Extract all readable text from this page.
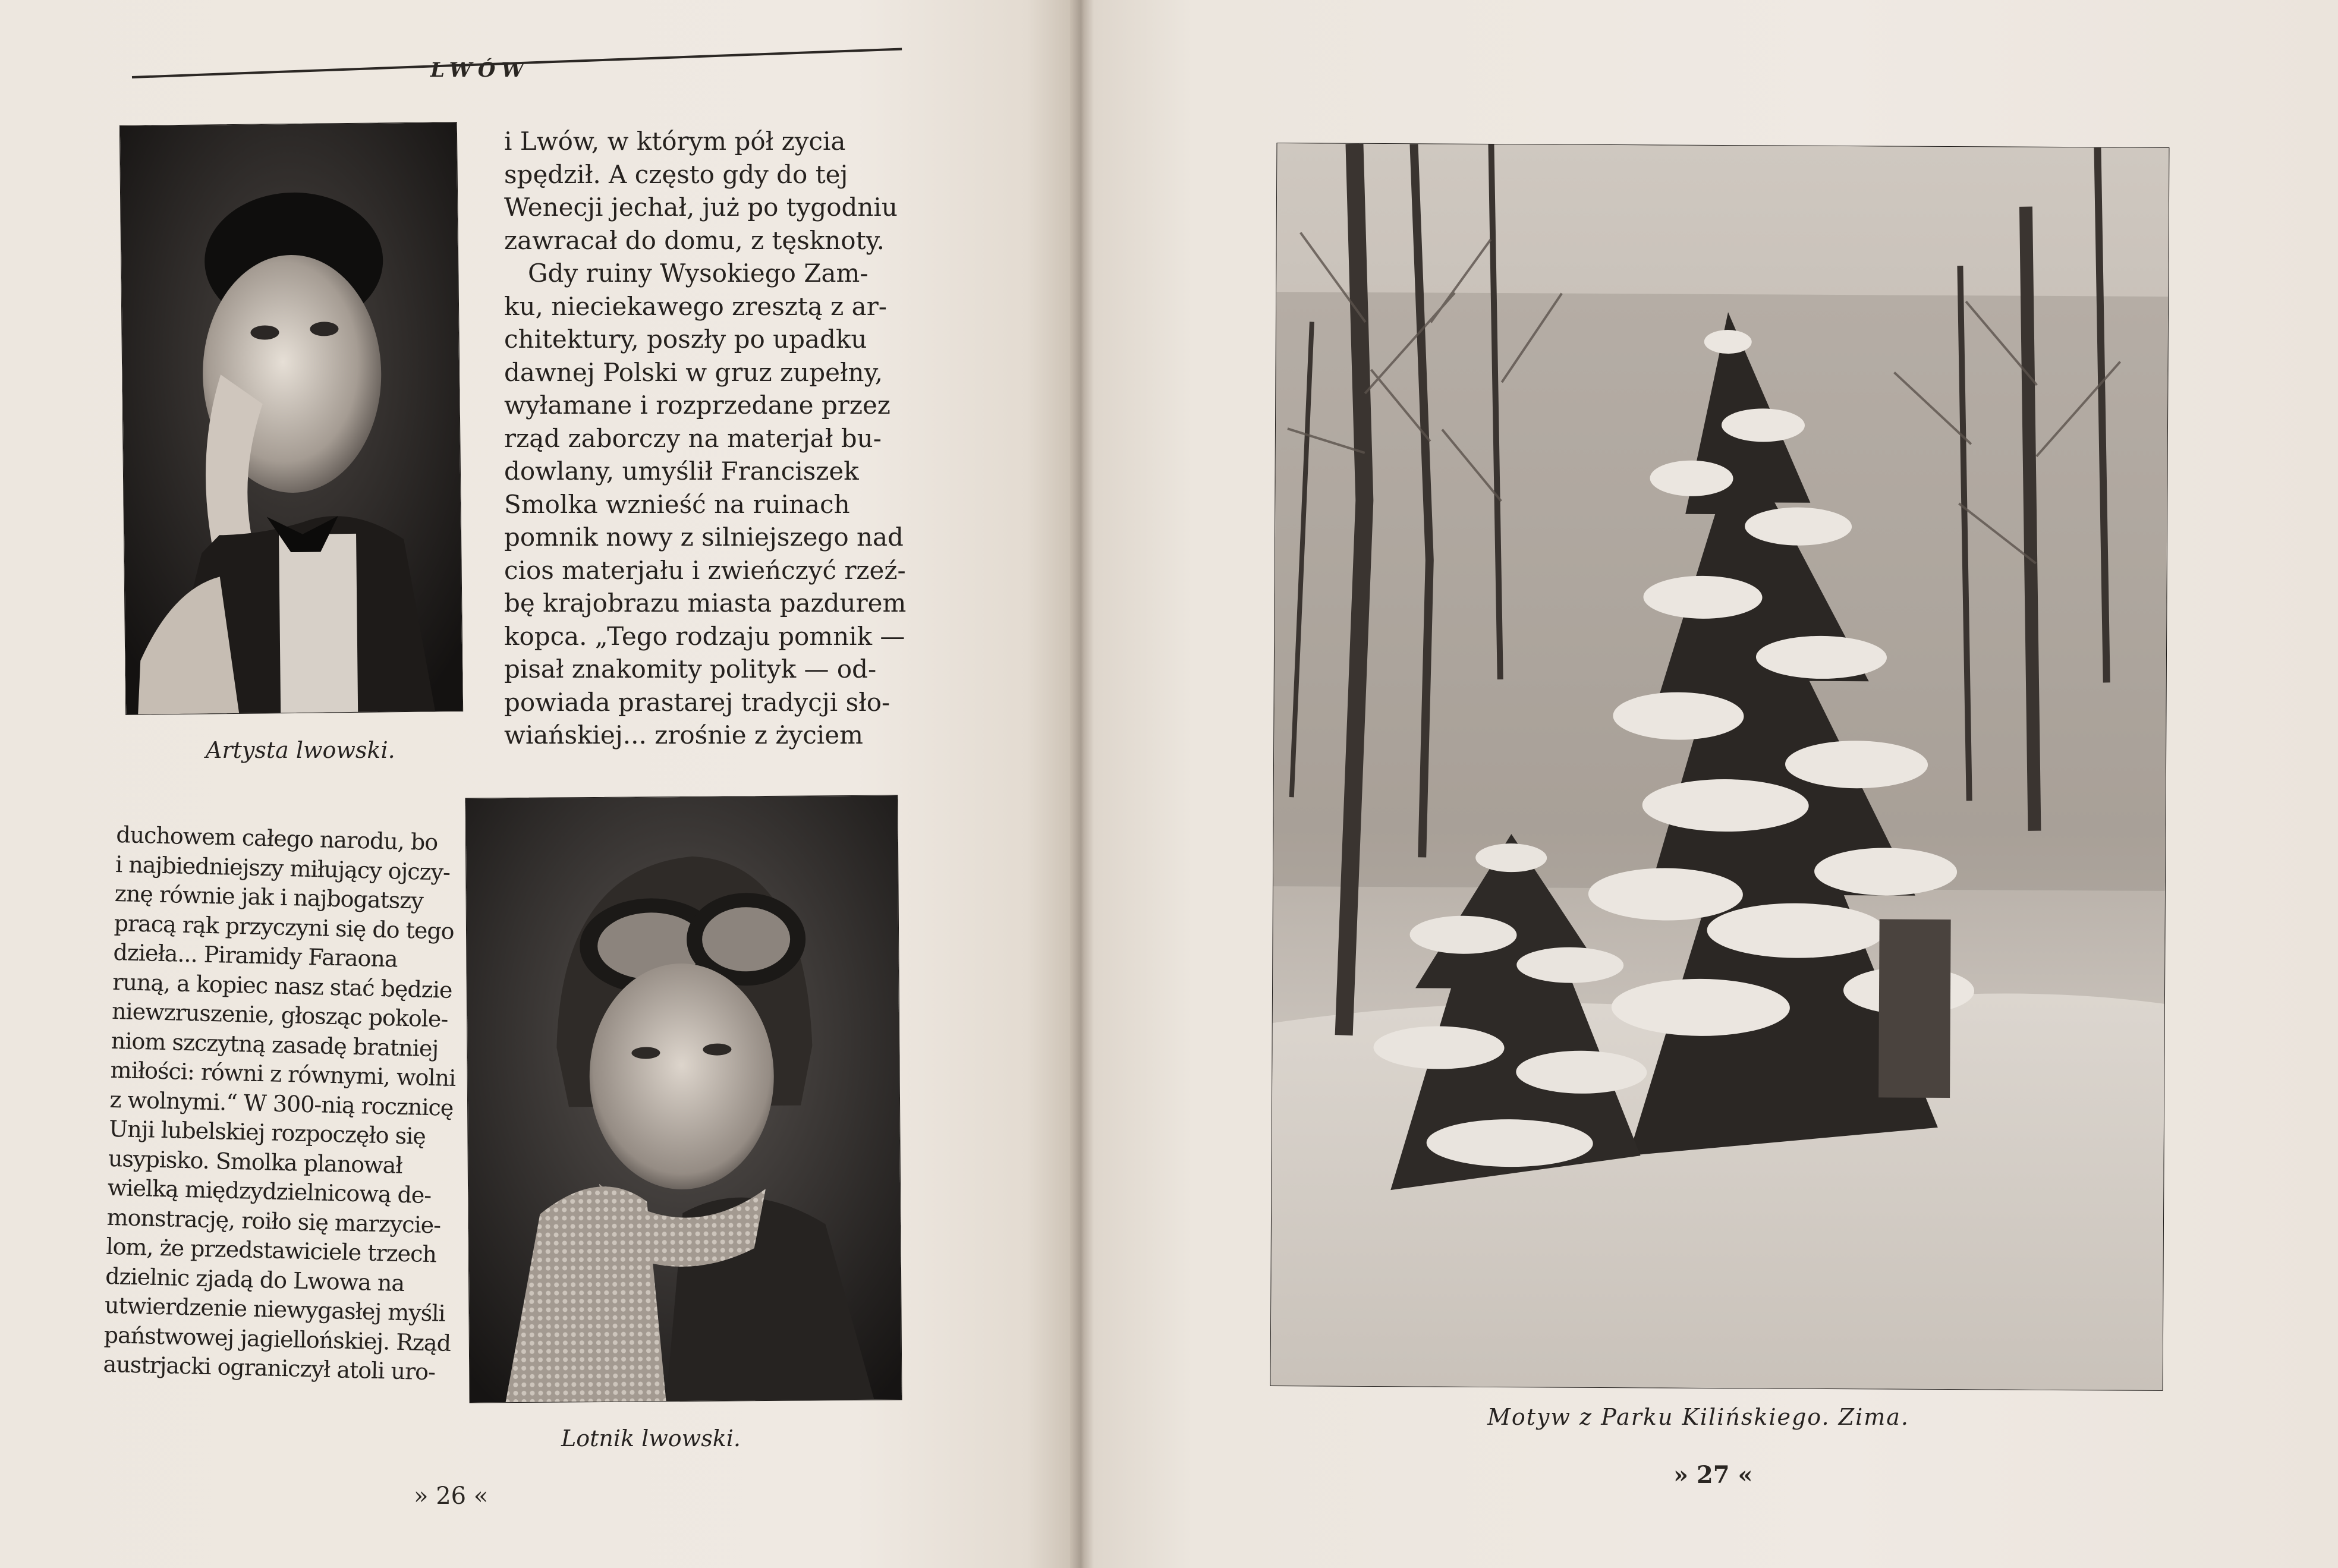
LWÓW
Artysta lwowski.
i Lwów, w którym pół zycia
spędził. A często gdy do tej
Wenecji jechał, już po tygodniu
zawracał do domu, z tęsknoty.
Gdy ruiny Wysokiego Zam-
ku, nieciekawego zresztą z ar-
chitektury, poszły po upadku
dawnej Polski w gruz zupełny,
wyłamane i rozprzedane przez
rząd zaborczy na materjał bu-
dowlany, umyślił Franciszek
Smolka wznieść na ruinach
pomnik nowy z silniejszego nad
cios materjału i zwieńczyć rzeź-
bę krajobrazu miasta pazdurem
kopca. „Tego rodzaju pomnik —
pisał znakomity polityk — od-
powiada prastarej tradycji sło-
wiańskiej... zrośnie z życiem
Lotnik lwowski.
duchowem całego narodu, bo
i najbiedniejszy miłujący ojczy-
znę równie jak i najbogatszy
pracą rąk przyczyni się do tego
dzieła... Piramidy Faraona
runą, a kopiec nasz stać będzie
niewzruszenie, głosząc pokole-
niom szczytną zasadę bratniej
miłości: równi z równymi, wolni
z wolnymi.“ W 300-nią rocznicę
Unji lubelskiej rozpoczęło się
usypisko. Smolka planował
wielką międzydzielnicową de-
monstrację, roiło się marzycie-
lom, że przedstawiciele trzech
dzielnic zjadą do Lwowa na
utwierdzenie niewygasłej myśli
państwowej jagiellońskiej. Rząd
austrjacki ograniczył atoli uro-
» 26 «
Motyw z Parku Kilińskiego. Zima.
» 27 «
